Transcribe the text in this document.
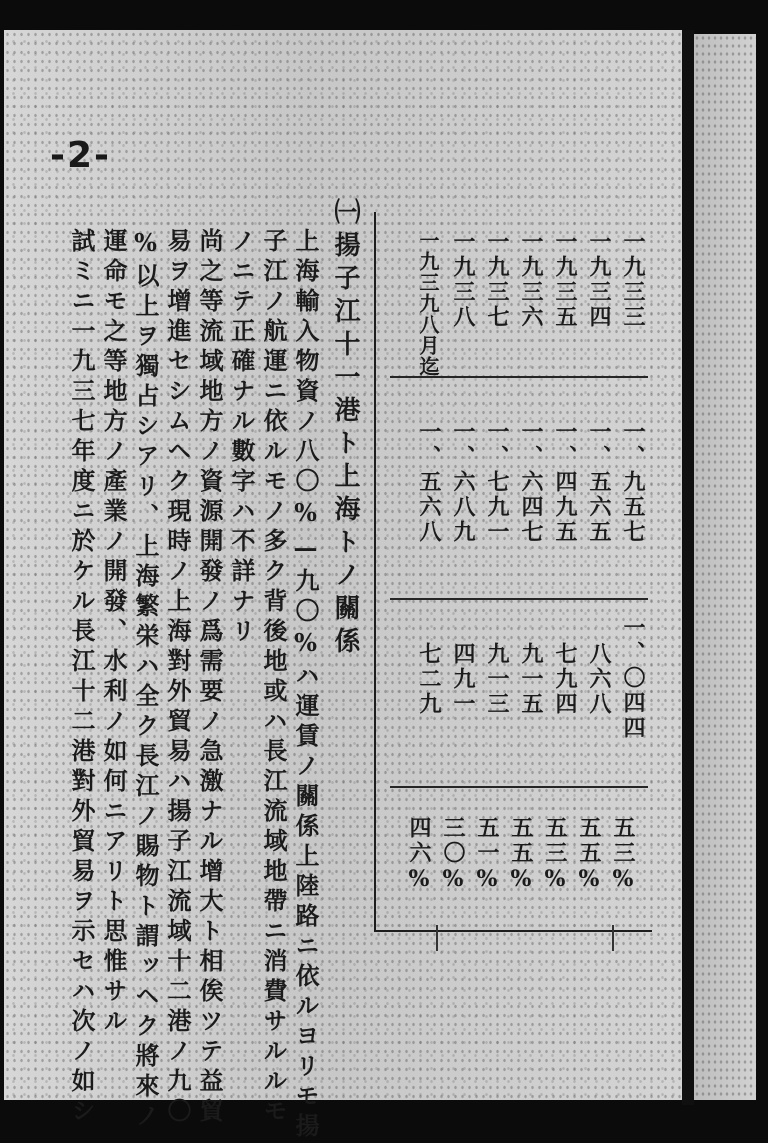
-2-
㈠揚子江十一港ト上海トノ關係
上海輸入物資ノ八〇%—九〇%ハ運賃ノ關係上陸路ニ依ルヨリモ揚
子江ノ航運ニ依ルモノ多ク背後地或ハ長江流域地帶ニ消費サルルモ
ノニテ正確ナル數字ハ不詳ナリ
尚之等流域地方ノ資源開發ノ爲需要ノ急激ナル增大ト相俟ツテ益貿
易ヲ增進セシムヘク現時ノ上海對外貿易ハ揚子江流域十二港ノ九〇
%以上ヲ獨占シアリ、上海繁栄ハ全ク長江ノ賜物ト謂ッヘク將來ノ
運命モ之等地方ノ產業ノ開發、水利ノ如何ニアリト思惟サル
試ミニ一九三七年度ニ於ケル長江十二港對外貿易ヲ示セハ次ノ如シ	一九三三
一九三四
一九三五
一九三六
一九三七
一九三八
一九三九八月迄
一、九五七
一、五六五
一、四九五
一、六四七
一、七九一
一、六八九
一、五六八
一、〇四四
八六八
七九四
九一五
九一三
四九一
七二九
五三%
五五%
五三%
五五%
五一%
三〇%
四六%
